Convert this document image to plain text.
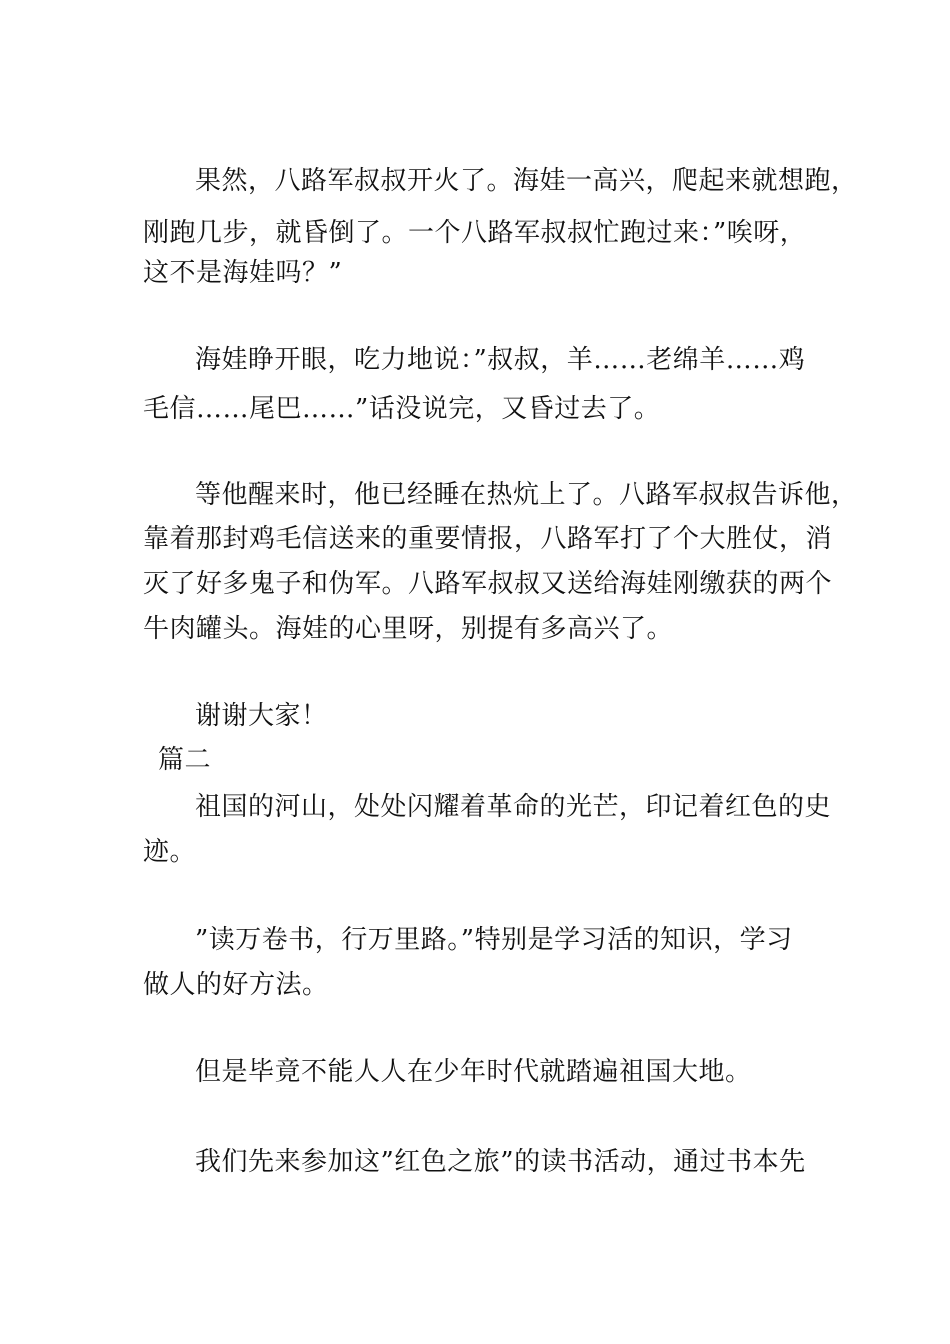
果然，八路军叔叔开火了。海娃一高兴，爬起来就想跑，
刚跑几步，就昏倒了。一个八路军叔叔忙跑过来：”唉呀，
这不是海娃吗？”
海娃睁开眼，吃力地说：”叔叔，羊……老绵羊……鸡
毛信……尾巴……”话没说完，又昏过去了。
等他醒来时，他已经睡在热炕上了。八路军叔叔告诉他，
靠着那封鸡毛信送来的重要情报，八路军打了个大胜仗，消
灭了好多鬼子和伪军。八路军叔叔又送给海娃刚缴获的两个
牛肉罐头。海娃的心里呀，别提有多高兴了。
谢谢大家！
篇二
祖国的河山，处处闪耀着革命的光芒，印记着红色的史
迹。
”读万卷书，行万里路。”特别是学习活的知识，学习
做人的好方法。
但是毕竟不能人人在少年时代就踏遍祖国大地。
我们先来参加这”红色之旅”的读书活动，通过书本先
